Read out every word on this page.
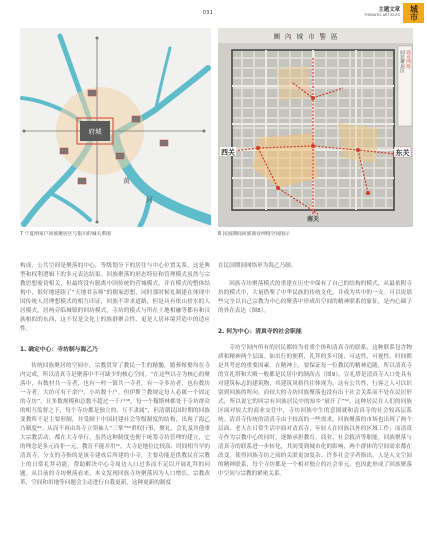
031	主题文章
THEMATIC ARTICLES 城市
府城
黄
河
圖內城市警區
西关	东关
南关
回民聚居区 商业网络
7 宁夏纳家户回族聚居区与银川的城关系图	8 民国期间回族商业网络空间图示

构成，公共空间是聚落的中心，等级划分下的居住与中心位置关系，这是典型和权利逻辑下的多元表达结果。回族聚落的形态特征和管理模式虽然与宗教思想密切相关，但最终没有脱离中国传统的营城模式，并在模式的整体结构中，很好地延续了“天地君亲师”的儒家思想，同时那时候礼制建在体现中国传统人居理想模式的相互印证，回族不讲求道路，但是具有依山傍水的人居模式，居两旁临城镇的回坊模式，寺坊的模式与所在土地相融等都有和汉族相似的东西，这不仅是文化上的族群聚合性，更是人居环境营造中的适应性。

1. 确定中心：寺坊制与海乙乃

传统回族聚居的空间中，宗教贯穿了教民一生的精髓，婚葬嫁娶均在寺内完成，所以清真寺是聚落中不可缺少的核心空间。“在这些以寺为核心的聚落中，有数村共一寺者，也有一村一镇共一寺者，有一寺多坊者，也有数坊一寺者，大坊可有千余户，小坊数十户。但伊斯兰教规定每人必属一个固定的寺坊”，且多数规模和总数不超过一千户⁴⁸。每一个穆斯林都处于寺坊群众的相互监督之下，每个寺坊都是独立的、互不隶属”，但清朝民国时期的回族变教所不是主要形制，并受制于中国封建社会等级制度的结构，出现了海乙乃制度⁴⁹。从而不再由各寺立领袖人“三掌”⁵⁰重权行事，聚礼、会礼及其他重大宗教活动，都在大寺举行。虽然这种制度也便于统筹寺坊管理的建立，它的理念是多元而非一元，教育不能并用⁵¹，大寺是地位比较高、时间相当早的清真寺，分支的寺指的是该寺建成后所建的小寺，主要功能是供教民在宗教上的日常礼拜功能，帮助解决中心寺周边人口过多而不足以开展礼拜的问题。从目前的寺坊聚落看来，本文发现回族寺坊聚落因为人口增长，宗教改革，空间和用地等问题会主动进行自我更新，这种更新的制度

在民国期间网络形为海乙乃制。

回族寺坊聚落模式的重建在历史中保有了自己的结构的模式，从最依附寺坊的模式中，大量借鉴了中华民族的传统文化，并成为其中的一支。可以说那些完全以自己宗教为中心的聚落中形成出空间的精神联系的象征，是内心圈子的外在表达（图8）。

2. 何为中心：清真寺的社会职能

寺坊空间内所有的居民都较为看重个体和清真寺的联系，这种联系包含物质和精神两个层面。如出行的便利，礼拜的多可能，可达性、可视性、时间都是其考虑的重要因素。在精神上，要保证每一位教民的精神追随，所以清真寺的宣礼塔和大殿一般都是民居中的制高点（图9）。宣礼塔是清真寺入口处具有对建筑标志的建筑物，其建筑风格往往体现为，这有公共性，行客之人可以识别到回族的所向。而较大的寺坊回族聚落也没有出于社会关系而不处在民居形式，所以说它的回宗有回族居民中的知乡“展开了”⁵²。这种居民在人们的回族区面对较大的商业交往中，寺坊回族中生的意图就和清真寺的社会较高层系统。清真寺传统的清真寺由于较高的一些需求，回族聚落的市场也出现了两个层面，老人在日常生活中面对清真寺，年轻人在回族以外的区域工作；而清真寺作为宗教中心的同时，逐渐承担教育、商业、社会救济等职能。回族聚落与清真寺的联系进一步转化，其间受到城市化的影响，两个群体的空间需求都在改变，使得回族寺坊之间的关联更加复杂。许多社会学者指出，人是人文空间的精神联系，每个寺坊都是一个相对独立的社会单元，也因此形成了回族聚落中空间与宗教的紧密关系。
